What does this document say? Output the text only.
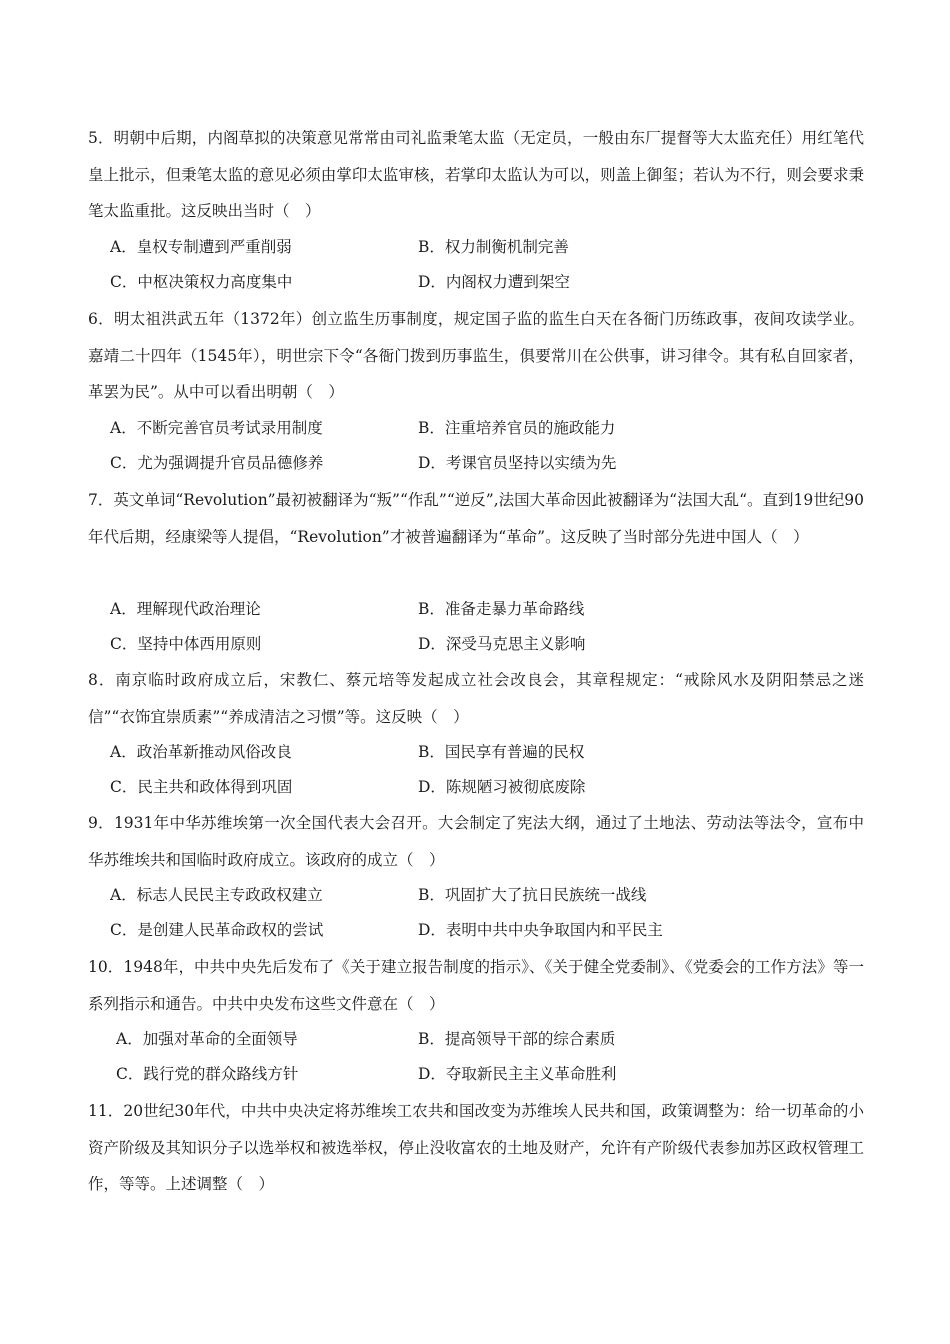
5．明朝中后期，内阁草拟的决策意见常常由司礼监秉笔太监（无定员，一般由东厂提督等大太监充任）用红笔代皇上批示，但秉笔太监的意见必须由掌印太监审核，若掌印太监认为可以，则盖上御玺；若认为不行，则会要求秉笔太监重批。这反映出当时（　）
A．皇权专制遭到严重削弱	B．权力制衡机制完善
C．中枢决策权力高度集中	D．内阁权力遭到架空
6．明太祖洪武五年（1372年）创立监生历事制度，规定国子监的监生白天在各衙门历练政事，夜间攻读学业。嘉靖二十四年（1545年），明世宗下令“各衙门拨到历事监生，俱要常川在公供事，讲习律令。其有私自回家者，革罢为民”。从中可以看出明朝（　）
A．不断完善官员考试录用制度	B．注重培养官员的施政能力
C．尤为强调提升官员品德修养	D．考课官员坚持以实绩为先
7．英文单词“Revolution”最初被翻译为“叛”“作乱”“逆反”,法国大革命因此被翻译为“法国大乱“。直到19世纪90年代后期，经康梁等人提倡，“Revolution”才被普遍翻译为“革命”。这反映了当时部分先进中国人（　）
A．理解现代政治理论	B．准备走暴力革命路线
C．坚持中体西用原则	D．深受马克思主义影响
8．南京临时政府成立后，宋教仁、蔡元培等发起成立社会改良会，其章程规定：“戒除风水及阴阳禁忌之迷信”“衣饰宜崇质素”“养成清洁之习惯”等。这反映（　）
A．政治革新推动风俗改良	B．国民享有普遍的民权
C．民主共和政体得到巩固	D．陈规陋习被彻底废除
9．1931年中华苏维埃第一次全国代表大会召开。大会制定了宪法大纲，通过了土地法、劳动法等法令，宣布中华苏维埃共和国临时政府成立。该政府的成立（　）
A．标志人民民主专政政权建立	B．巩固扩大了抗日民族统一战线
C．是创建人民革命政权的尝试	D．表明中共中央争取国内和平民主
10．1948年，中共中央先后发布了《关于建立报告制度的指示》、《关于健全党委制》、《党委会的工作方法》等一系列指示和通告。中共中央发布这些文件意在（　）
A．加强对革命的全面领导	B．提高领导干部的综合素质
C．践行党的群众路线方针	D．夺取新民主主义革命胜利
11．20世纪30年代，中共中央决定将苏维埃工农共和国改变为苏维埃人民共和国，政策调整为：给一切革命的小资产阶级及其知识分子以选举权和被选举权，停止没收富农的土地及财产，允许有产阶级代表参加苏区政权管理工作，等等。上述调整（　）
